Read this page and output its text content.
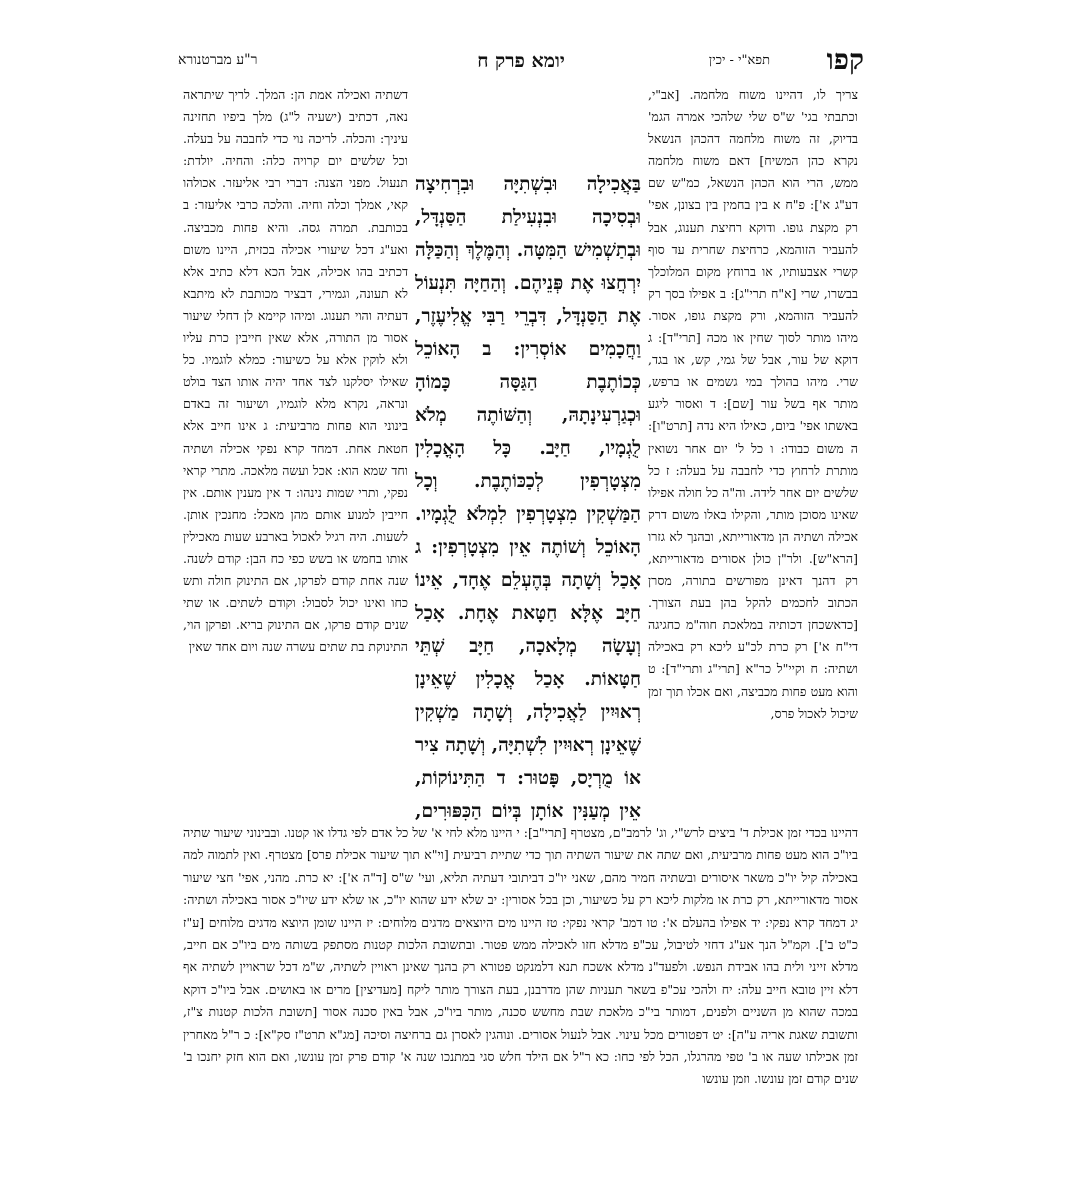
קפו
תפא"י - יכין
יומא פרק ח
ר"ע מברטנורא

צריך לו, דהיינו משוח מלחמה. [אב"י, וכתבתי בגי' ש"ס שלי שלהכי אמרה הגמ' בדיוק, זה משוח מלחמה דהכהן הנשאל נקרא כהן המשיח] דאם משוח מלחמה ממש, הרי הוא הכהן הנשאל, כמ"ש שם דע"ג א']: פ"ח א בין בחמין בין בצונן, אפי' רק מקצת גופו. ודוקא רחיצת תענוג, אבל להעביר הזוהמא, כרחיצת שחרית עד סוף קשרי אצבעותיו, או ברוחץ מקום המלוכלך בבשרו, שרי [א"ח תרי"ג]: ב אפילו בסך רק להעביר הזוהמא, ורק מקצת גופו, אסור. מיהו מותר לסוך שחין או מכה [תרי"ד]: ג דוקא של עור, אבל של גמי, קש, או בגד, שרי. מיהו בהולך במי גשמים או ברפש, מותר אף בשל עור [שם]: ד ואסור ליגע באשתו אפי' ביום, כאילו היא נדה [תרט"ו]: ה משום כבודו: ו כל ל' יום אחר נשואין מותרת לרחוץ כדי לחבבה על בעלה: ז כל שלשים יום אחר לידה. וה"ה כל חולה אפילו שאינו מסוכן מותר, והקילו באלו משום דרק אכילה ושתיה הן מדאורייתא, ובהנך לא גזרו [הרא"ש]. ולר"ן כולן אסורים מדאורייתא, רק דהנך דאינן מפורשים בתורה, מסרן הכתוב לחכמים להקל בהן בעת הצורך. [כדאשכחן דכותיה במלאכת חוה"מ כחגיגה די"ח א'] רק כרת לכ"ע ליכא רק באכילה ושתיה: ח וקיי"ל כר"א [תרי"ג ותרי"ד]: ט והוא מעט פחות מכביצה, ואם אכלו תוך זמן שיכול לאכול פרס,

דשתיה ואכילה אמת הן: המלך. לריך שיתראה נאה, דכתיב (ישעיה ל"ג) מלך ביפיו תחזינה עיניך: והכלה. לריכה נוי כדי לחבבה על בעלה. וכל שלשים יום קרויה כלה: והחיה. יולדת: תנעול. מפני הצנה: דברי רבי אליעזר. אכולהו קאי, אמלך וכלה וחיה. והלכה כרבי אליעזר: ב בכותבת. תמרה גסה. והיא פחות מכביצה. ואע"ג דכל שיעורי אכילה בכזית, היינו משום דכתיב בהו אכילה, אבל הכא דלא כתיב אלא לא תעונה, וגמירי, דבציר מכותבת לא מיתבא דעתיה והוי תענוג. ומיהו קיימא לן דחלי שיעור אסור מן התורה, אלא שאין חייבין כרת עליו ולא לוקין אלא על כשיעור: כמלא לוגמיו. כל שאילו יסלקנו לצד אחד יהיה אותו הצד בולט ונראה, נקרא מלא לוגמיו, ושיעור זה באדם בינוני הוא פחות מרביעית: ג אינו חייב אלא חטאת אחת. דמחד קרא נפקי אכילה ושתיה וחד שמא הוא: אכל ועשה מלאכה. מתרי קראי נפקי, ותרי שמות נינהו: ד אין מענין אותם. אין חייבין למנוע אותם מהן מאכל: מחנכין אותן. לשעות. היה רגיל לאכול בארבע שעות מאכילין אותו בחמש או בשש כפי כח הבן: קודם לשנה. שנה אחת קודם לפרקו, אם התינוק חולה ותש כחו ואינו יכול לסבול: וקודם לשתים. או שתי שנים קודם פרקו, אם התינוק בריא. ופרקן הוי, התינוקת בת שתים עשרה שנה ויום אחד שאין

בַּאֲכִילָה וּבִשְׁתִיָּה וּבִרְחִיצָה וּבְסִיכָה וּבִנְעִילַת הַסַּנְדָּל, וּבְתַשְׁמִישׁ הַמִּטָּה. וְהַמֶּלֶךְ וְהַכַּלָּה יִרְחֲצוּ אֶת פְּנֵיהֶם. וְהַחַיָּה תִּנְעוֹל אֶת הַסַּנְדָּל, דִּבְרֵי רַבִּי אֱלִיעֶזֶר, וַחֲכָמִים אוֹסְרִין: ב הָאוֹכֵל כְּכוֹתֶבֶת הַגַּסָּה כָּמוֹהָ וּכְגַרְעִינָתָהּ, וְהַשּׁוֹתֶה מְלֹא לֻגְמָיו, חַיָּב. כָּל הָאֳכָלִין מִצְטָרְפִין לְכַכּוֹתֶבֶת. וְכָל הַמַּשְׁקִין מִצְטָרְפִין לִמְלֹא לֻגְמָיו. הָאוֹכֵל וְשׁוֹתֶה אֵין מִצְטָרְפִין: ג אָכַל וְשָׁתָה בְּהֶעְלֵם אֶחָד, אֵינוֹ חַיָּב אֶלָּא חַטָּאת אֶחָת. אָכַל וְעָשָׂה מְלָאכָה, חַיָּב שְׁתֵּי חַטָּאוֹת. אָכַל אֳכָלִין שֶׁאֵינָן רְאוּיִין לַאֲכִילָה, וְשָׁתָה מַשְׁקִין שֶׁאֵינָן רְאוּיִין לִשְׁתִיָּה, וְשָׁתָה צִיר אוֹ מֻרְיָס, פָּטוּר: ד הַתִּינוֹקוֹת, אֵין מְעַנִּין אוֹתָן בְּיוֹם הַכִּפּוּרִים,

דהיינו בכדי זמן אכילת ד' ביצים לרש"י, וג' לרמב"ם, מצטרף [תרי"ב]: י היינו מלא לחי א' של כל אדם לפי גדלו או קטנו. ובבינוני שיעור שתיה ביו"כ הוא מעט פחות מרביעית, ואם שתה את שיעור השתיה תוך כדי שתיית רביעית [וי"א תוך שיעור אכילת פרס] מצטרף. ואין לתמוה למה באכילה קיל יו"כ משאר איסורים ובשתיה חמיר מהם, שאני יו"כ דביתובי דעתיה תליא, ועי' ש"ס [ד"ה א']: יא כרת. מהני, אפי' חצי שיעור אסור מדאורייתא, רק כרת או מלקות ליכא רק על כשיעור, וכן בכל אסורין: יב שלא ידע שהוא יו"כ, או שלא ידע שיו"כ אסור באכילה ושתיה: יג דמחד קרא נפקי: יד אפילו בהעלם א': טו דמב' קראי נפקי: טז היינו מים היוצאים מדגים מלוחים: יז היינו שומן היוצא מדגים מלוחים [ע"ז כ"ט ב']. וקמ"ל הנך אע"ג דחזי לטיבול, עכ"פ מדלא חזו לאכילה ממש פטור. ובתשובת הלכות קטנות מסתפק בשותה מים ביו"כ אם חייב, מדלא זייני ולית בהו אבידת הנפש. ולפעד"נ מדלא אשכח תנא דלמנקט פטורא רק בהנך שאינן ראויין לשתיה, ש"מ דכל שראויין לשתיה אף דלא זיין טובא חייב עלה: יח ולהכי עכ"פ בשאר תעניות שהן מדרבנן, בעת הצורך מותר ליקח [מעדיצין] מרים או באושים. אבל ביו"כ דוקא במכה שהוא מן השניים ולפנים, דמותר בי"כ מלאכת שבת מחשש סכנה, מותר ביו"כ, אבל באין סכנה אסור [תשובת הלכות קטנות צ"ז, ותשובת שאגת אריה ע"ה]: יט דפטורים מכל עינוי. אבל לנעול אסורים. ונוהגין לאסרן גם ברחיצה וסיכה [מג"א תרט"ז סק"א]: כ ר"ל מאחרין זמן אכילתו שעה או ב' טפי מהרגלו, הכל לפי כחו: כא ר"ל אם הילד חלש סגי במתנכו שנה א' קודם פרק זמן עונשו, ואם הוא חזק יחנכו ב' שנים קודם זמן עונשו. וזמן עונשו
